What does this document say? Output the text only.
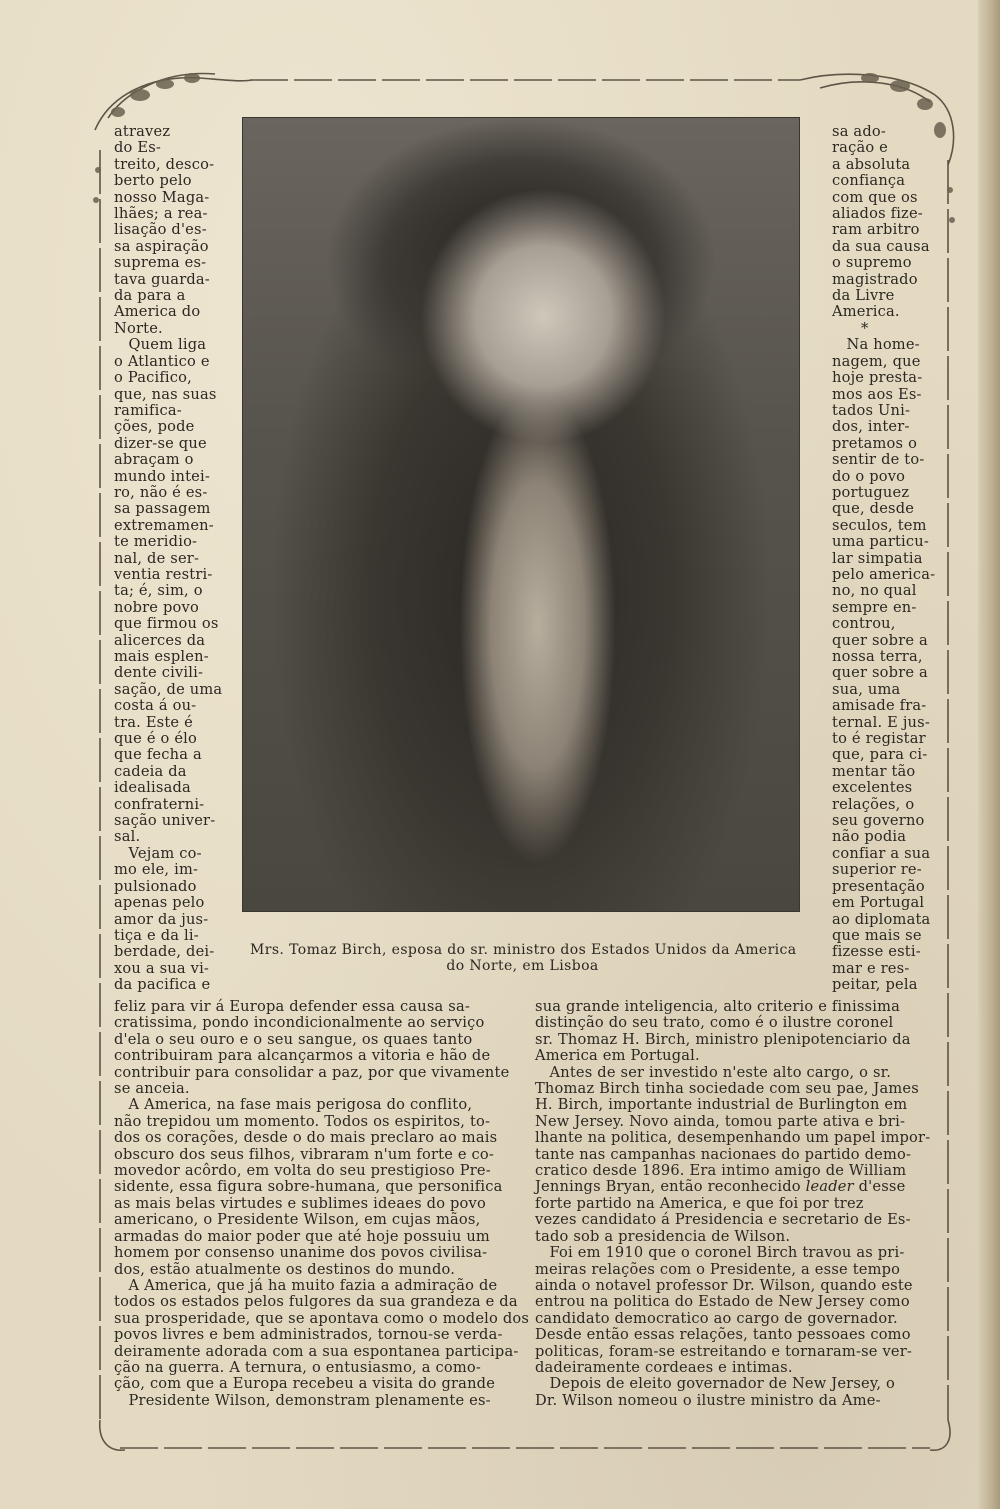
atravez
do Es-
treito, desco-
berto pelo
nosso Maga-
lhães; a rea-
lisação d'es-
sa aspiração
suprema es-
tava guarda-
da para a
America do
Norte.
Quem liga
o Atlantico e
o Pacifico,
que, nas suas
ramifica-
ções, pode
dizer-se que
abraçam o
mundo intei-
ro, não é es-
sa passagem
extremamen-
te meridio-
nal, de ser-
ventia restri-
ta; é, sim, o
nobre povo
que firmou os
alicerces da
mais esplen-
dente civili-
sação, de uma
costa á ou-
tra. Este é
que é o élo
que fecha a
cadeia da
idealisada
confraterni-
sação univer-
sal.
Vejam co-
mo ele, im-
pulsionado
apenas pelo
amor da jus-
tiça e da li-
berdade, dei-
xou a sua vi-
da pacifica e

Mrs. Tomaz Birch, esposa do sr. ministro dos Estados Unidos da America
do Norte, em Lisboa

sa ado-
ração e
a absoluta
confiança
com que os
aliados fize-
ram arbitro
da sua causa
o supremo
magistrado
da Livre
America.
*
Na home-
nagem, que
hoje presta-
mos aos Es-
tados Uni-
dos, inter-
pretamos o
sentir de to-
do o povo
portuguez
que, desde
seculos, tem
uma particu-
lar simpatia
pelo america-
no, no qual
sempre en-
controu,
quer sobre a
nossa terra,
quer sobre a
sua, uma
amisade fra-
ternal. E jus-
to é registar
que, para ci-
mentar tão
excelentes
relações, o
seu governo
não podia
confiar a sua
superior re-
presentação
em Portugal
ao diplomata
que mais se
fizesse esti-
mar e res-
peitar, pela

feliz para vir á Europa defender essa causa sa-
cratissima, pondo incondicionalmente ao serviço
d'ela o seu ouro e o seu sangue, os quaes tanto
contribuiram para alcançarmos a vitoria e hão de
contribuir para consolidar a paz, por que vivamente
se anceia.
A America, na fase mais perigosa do conflito,
não trepidou um momento. Todos os espiritos, to-
dos os corações, desde o do mais preclaro ao mais
obscuro dos seus filhos, vibraram n'um forte e co-
movedor acôrdo, em volta do seu prestigioso Pre-
sidente, essa figura sobre-humana, que personifica
as mais belas virtudes e sublimes ideaes do povo
americano, o Presidente Wilson, em cujas mãos,
armadas do maior poder que até hoje possuiu um
homem por consenso unanime dos povos civilisa-
dos, estão atualmente os destinos do mundo.
A America, que já ha muito fazia a admiração de
todos os estados pelos fulgores da sua grandeza e da
sua prosperidade, que se apontava como o modelo dos
povos livres e bem administrados, tornou-se verda-
deiramente adorada com a sua espontanea participa-
ção na guerra. A ternura, o entusiasmo, a como-
ção, com que a Europa recebeu a visita do grande
Presidente Wilson, demonstram plenamente es-

sua grande inteligencia, alto criterio e finissima
distinção do seu trato, como é o ilustre coronel
sr. Thomaz H. Birch, ministro plenipotenciario da
America em Portugal.
Antes de ser investido n'este alto cargo, o sr.
Thomaz Birch tinha sociedade com seu pae, James
H. Birch, importante industrial de Burlington em
New Jersey. Novo ainda, tomou parte ativa e bri-
lhante na politica, desempenhando um papel impor-
tante nas campanhas nacionaes do partido demo-
cratico desde 1896. Era intimo amigo de William
Jennings Bryan, então reconhecido leader d'esse
forte partido na America, e que foi por trez
vezes candidato á Presidencia e secretario de Es-
tado sob a presidencia de Wilson.
Foi em 1910 que o coronel Birch travou as pri-
meiras relações com o Presidente, a esse tempo
ainda o notavel professor Dr. Wilson, quando este
entrou na politica do Estado de New Jersey como
candidato democratico ao cargo de governador.
Desde então essas relações, tanto pessoaes como
politicas, foram-se estreitando e tornaram-se ver-
dadeiramente cordeaes e intimas.
Depois de eleito governador de New Jersey, o
Dr. Wilson nomeou o ilustre ministro da Ame-
